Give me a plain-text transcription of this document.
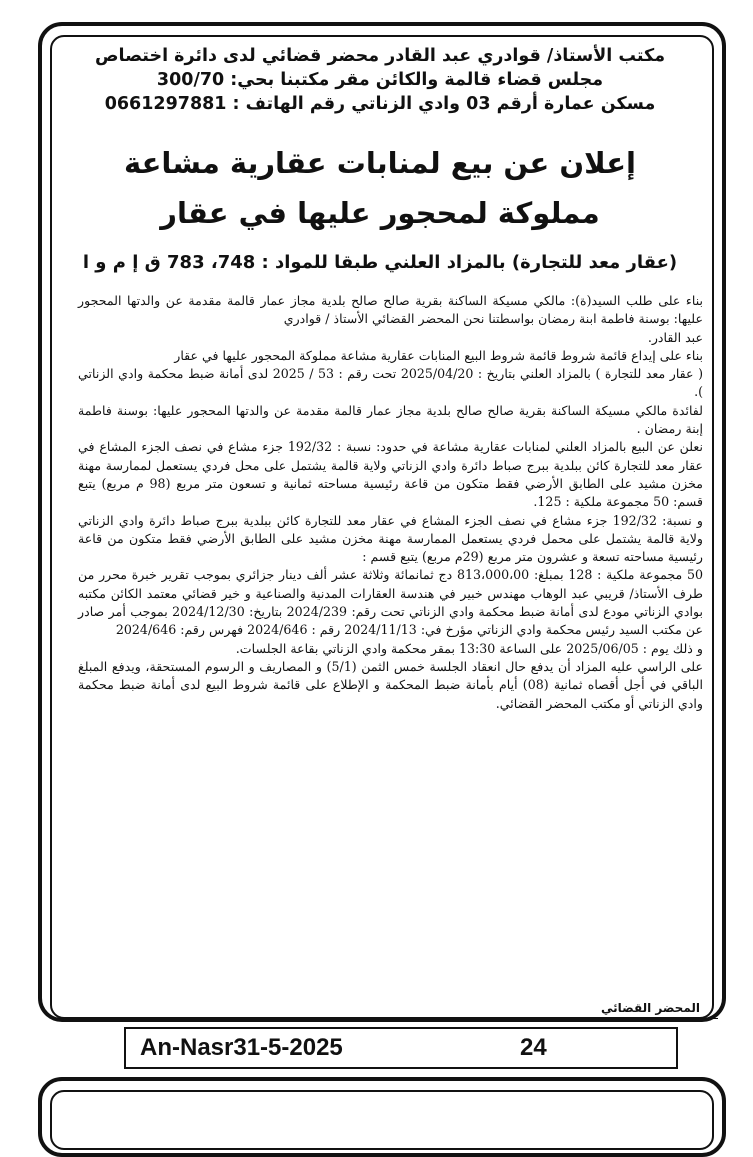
مكتب الأستاذ/ قوادري عبد القادر محضر قضائي لدى دائرة اختصاص

مجلس قضاء قالمة والكائن مقر مكتبنا بحي: 300/70

مسكن عمارة أرقم 03 وادي الزناتي رقم الهاتف : 0661297881

إعلان عن بيع لمنابات عقارية مشاعة
مملوكة لمحجور عليها في عقار
(عقار معد للتجارة) بالمزاد العلني طبقا للمواد : 748، 783 ق إ م و ا

بناء على طلب السيد(ة): مالكي مسيكة الساكنة بقرية صالح صالح بلدية مجاز عمار قالمة مقدمة عن والدتها المحجور عليها: بوسنة فاطمة ابنة رمضان بواسطتنا نحن المحضر القضائي الأستاذ / قوادري

عبد القادر.

بناء على إيداع قائمة شروط قائمة شروط البيع المنابات عقارية مشاعة مملوكة المحجور عليها في عقار

( عقار معد للتجارة ) بالمزاد العلني بتاريخ : 2025/04/20 تحت رقم : 53 / 2025 لدى أمانة ضبط محكمة وادي الزناتي ).

لفائدة مالكي مسيكة الساكنة بقرية صالح صالح بلدية مجاز عمار قالمة مقدمة عن والدتها المحجور عليها: بوسنة فاطمة إبنة رمضان .

نعلن عن البيع بالمزاد العلني لمنابات عقارية مشاعة في حدود: نسبة : 192/32 جزء مشاع في نصف الجزء المشاع في عقار معد للتجارة كائن ببلدية ببرج صباط دائرة وادي الزناتي ولاية قالمة يشتمل على محل فردي يستعمل لممارسة مهنة مخزن مشيد على الطابق الأرضي فقط متكون من قاعة رئيسية مساحته ثمانية و تسعون متر مربع (98 م مربع) يتبع قسم: 50 مجموعة ملكية : 125.

و نسبة: 192/32 جزء مشاع في نصف الجزء المشاع في عقار معد للتجارة كائن ببلدية ببرج صباط دائرة وادي الزناتي ولاية قالمة يشتمل على محمل فردي يستعمل الممارسة مهنة مخزن مشيد على الطابق الأرضي فقط متكون من قاعة رئيسية مساحته تسعة و عشرون متر مربع (29م مربع) يتبع قسم :

50 مجموعة ملكية : 128 بمبلغ: 813،000،00 دج ثمانمائة وثلاثة عشر ألف دينار جزائري بموجب تقرير خبرة محرر من طرف الأستاذ/ قريبي عبد الوهاب مهندس خبير في هندسة العقارات المدنية والصناعية و خير قضائي معتمد الكائن مكتبه بوادي الزناتي مودع لدى أمانة ضبط محكمة وادي الزناتي تحت رقم: 2024/239 بتاريخ: 2024/12/30 بموجب أمر صادر عن مكتب السيد رئيس محكمة وادي الزناتي مؤرخ في: 2024/11/13 رقم : 2024/646 فهرس رقم: 2024/646

و ذلك يوم : 2025/06/05 على الساعة 13:30 بمقر محكمة وادي الزناتي بقاعة الجلسات.

على الراسي عليه المزاد أن يدفع حال انعقاد الجلسة خمس الثمن (5/1) و المصاريف و الرسوم المستحقة، ويدفع المبلغ الباقي في أجل أقصاه ثمانية (08) أيام بأمانة ضبط المحكمة و الإطلاع على قائمة شروط البيع لدى أمانة ضبط محكمة وادي الزناتي أو مكتب المحضر القضائي.

المحضر القضائي
An-Nasr31-5-2025	24
